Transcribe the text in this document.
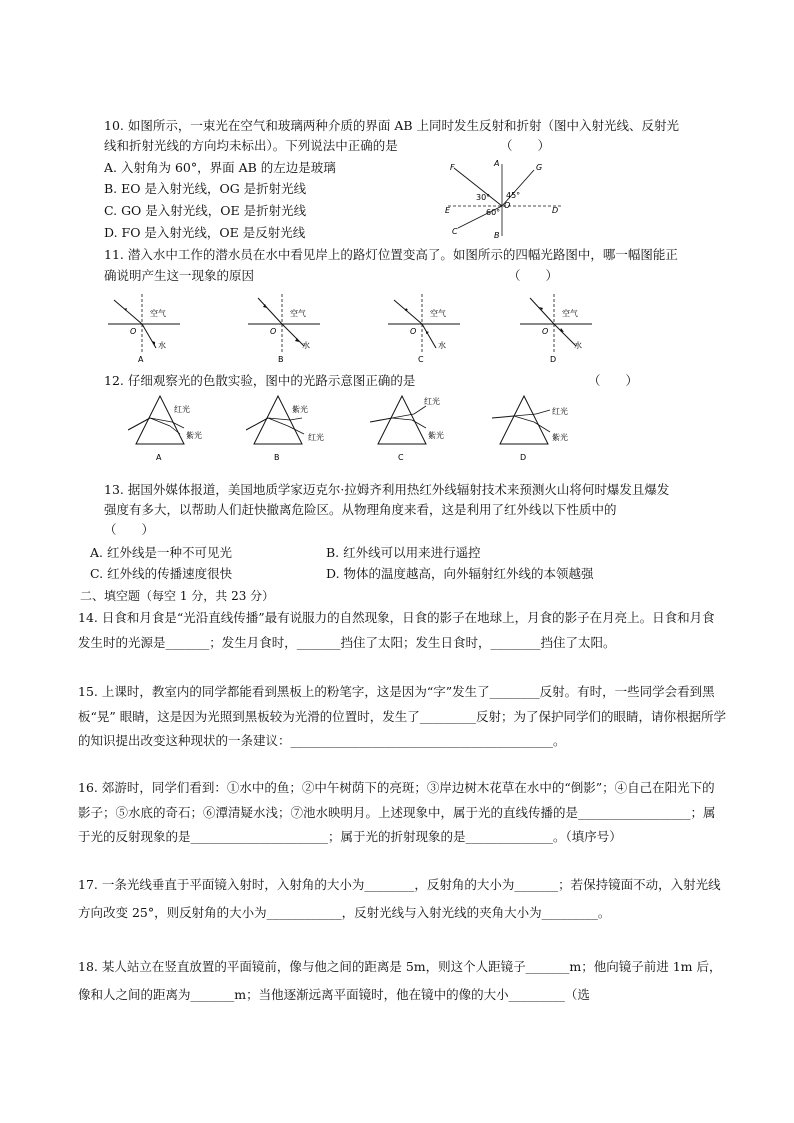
10. 如图所示，一束光在空气和玻璃两种介质的界面 AB 上同时发生反射和折射（图中入射光线、反射光
线和折射光线的方向均未标出）。下列说法中正确的是	（　　）
A. 入射角为 60°，界面 AB 的左边是玻璃
B. EO 是入射光线，OG 是折射光线
C. GO 是入射光线，OE 是折射光线
D. FO 是入射光线，OE 是反射光线
F	A	G
30° 45°
O
60°
E
C
D
B
11. 潜入水中工作的潜水员在水中看见岸上的路灯位置变高了。如图所示的四幅光路图中，哪一幅图能正
确说明产生这一现象的原因	（　　）
O
空气
水
A
O
空气
水
B
O
空气
水
C
O
空气
水
D
12. 仔细观察光的色散实验，图中的光路示意图正确的是	（　　）
红光
紫光
A
紫光
红光
B
红光
紫光
C
红光
紫光
D
13. 据国外媒体报道，美国地质学家迈克尔·拉姆齐利用热红外线辐射技术来预测火山将何时爆发且爆发
强度有多大，以帮助人们赶快撤离危险区。从物理角度来看，这是利用了红外线以下性质中的
（　　）
A. 红外线是一种不可见光	B. 红外线可以用来进行遥控
C. 红外线的传播速度很快	D. 物体的温度越高，向外辐射红外线的本领越强
二、填空题（每空 1 分，共 23 分）
14. 日食和月食是“光沿直线传播”最有说服力的自然现象，日食的影子在地球上，月食的影子在月亮上。日食和月食发生时的光源是_______；发生月食时，_______挡住了太阳；发生日食时，________挡住了太阳。
15. 上课时，教室内的同学都能看到黑板上的粉笔字，这是因为“字”发生了________反射。有时，一些同学会看到黑板“晃” 眼睛，这是因为光照到黑板较为光滑的位置时，发生了_________反射；为了保护同学们的眼睛，请你根据所学的知识提出改变这种现状的一条建议：__________________________________________。
16. 郊游时，同学们看到：①水中的鱼；②中午树荫下的亮斑；③岸边树木花草在水中的“倒影”；④自己在阳光下的影子；⑤水底的奇石；⑥潭清疑水浅；⑦池水映明月。上述现象中，属于光的直线传播的是__________________；属于光的反射现象的是______________________；属于光的折射现象的是______________。（填序号）
17. 一条光线垂直于平面镜入射时，入射角的大小为________，反射角的大小为_______；若保持镜面不动，入射光线方向改变 25°，则反射角的大小为____________，反射光线与入射光线的夹角大小为_________。
18. 某人站立在竖直放置的平面镜前，像与他之间的距离是 5m，则这个人距镜子_______m；他向镜子前进 1m 后，像和人之间的距离为_______m；当他逐渐远离平面镜时，他在镜中的像的大小_________（选
